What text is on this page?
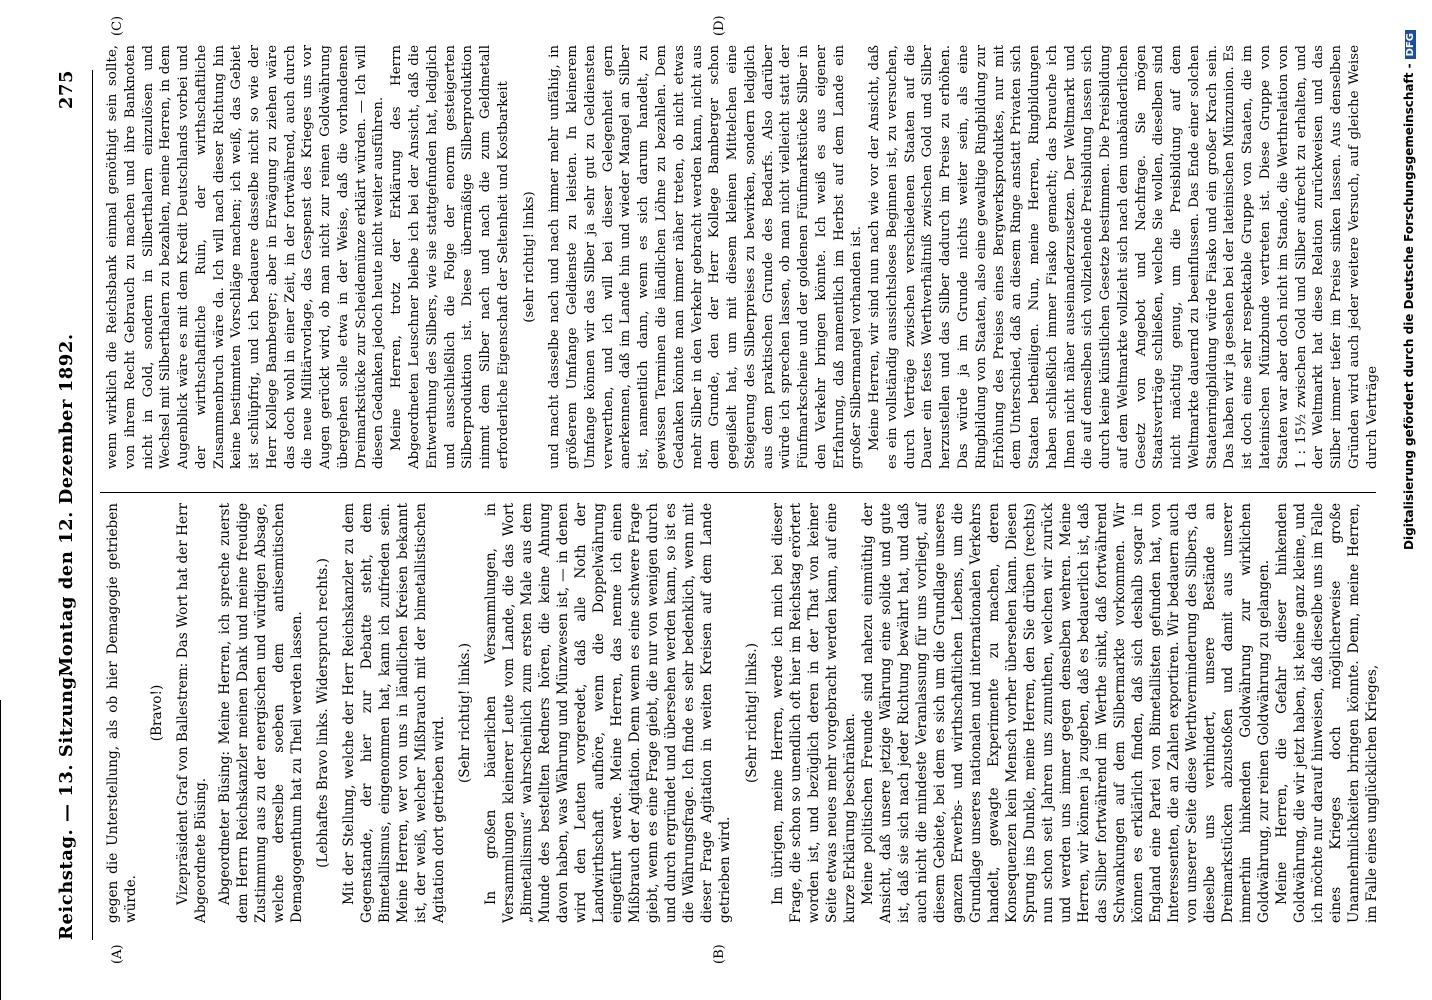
Reichstag. — 13. Sitzung.
Montag den 12. Dezember 1892.
275
(A)	(B)
(C)	(D)

gegen die Unterstellung, als ob hier Demagogie getrieben würde.

(Bravo!) Vizepräsident Graf von Ballestrem: Das Wort hat der Herr Abgeordnete Büsing. Abgeordneter Büsing: Meine Herren, ich spreche zuerst dem Herrn Reichskanzler meinen Dank und meine freudige Zustimmung aus zu der energischen und würdigen Absage, welche derselbe soeben dem antisemitischen Demagogenthum hat zu Theil werden lassen. (Lebhaftes Bravo links. Widerspruch rechts.) Mit der Stellung, welche der Herr Reichskanzler zu dem Gegenstande, der hier zur Debatte steht, dem Bimetallismus, eingenommen hat, kann ich zufrieden sein. Meine Herren, wer von uns in ländlichen Kreisen bekannt ist, der weiß, welcher Mißbrauch mit der bimetallistischen Agitation dort getrieben wird.

(Sehr richtig! links.) In großen bäuerlichen Versammlungen, in Versammlungen kleinerer Leute vom Lande, die das Wort „Bimetallismus“ wahrscheinlich zum ersten Male aus dem Munde des bestellten Redners hören, die keine Ahnung davon haben, was Währung und Münzwesen ist, — in denen wird den Leuten vorgeredet, daß alle Noth der Landwirthschaft aufhöre, wenn die Doppelwährung eingeführt werde. Meine Herren, das nenne ich einen Mißbrauch der Agitation. Denn wenn es eine schwere Frage giebt, wenn es eine Frage giebt, die nur von wenigen durch und durch ergründet und übersehen werden kann, so ist es die Währungsfrage. Ich finde es sehr bedenklich, wenn mit dieser Frage Agitation in weiten Kreisen auf dem Lande getrieben wird.

(Sehr richtig! links.) Im übrigen, meine Herren, werde ich mich bei dieser Frage, die schon so unendlich oft hier im Reichstag erörtert worden ist, und bezüglich deren in der That von keiner Seite etwas neues mehr vorgebracht werden kann, auf eine kurze Erklärung beschränken. Meine politischen Freunde sind nahezu einmüthig der Ansicht, daß unsere jetzige Währung eine solide und gute ist, daß sie sich nach jeder Richtung bewährt hat, und daß auch nicht die mindeste Veranlassung für uns vorliegt, auf diesem Gebiete, bei dem es sich um die Grundlage unseres ganzen Erwerbs- und wirthschaftlichen Lebens, um die Grundlage unseres nationalen und internationalen Verkehrs handelt, gewagte Experimente zu machen, deren Konsequenzen kein Mensch vorher übersehen kann. Diesen Sprung ins Dunkle, meine Herren, den Sie drüben (rechts) nun schon seit Jahren uns zumuthen, welchen wir zurück und werden uns immer gegen denselben wehren. Meine Herren, wir können ja zugeben, daß es bedauerlich ist, daß das Silber fortwährend im Werthe sinkt, daß fortwährend Schwankungen auf dem Silbermarkte vorkommen. Wir können es erklärlich finden, daß sich deshalb sogar in England eine Partei von Bimetallisten gefunden hat, von Interessenten, die an Zahlen exportiren. Wir bedauern auch von unserer Seite diese Werthverminderung des Silbers, da dieselbe uns verhindert, unsere Bestände an Dreimarkstücken abzustoßen und damit aus unserer immerhin hinkenden Goldwährung zur wirklichen Goldwährung, zur reinen Goldwährung zu gelangen. Meine Herren, die Gefahr dieser hinkenden Goldwährung, die wir jetzt haben, ist keine ganz kleine, und ich möchte nur darauf hinweisen, daß dieselbe uns im Falle eines Krieges doch möglicherweise große Unannehmlichkeiten bringen könnte. Denn, meine Herren, im Falle eines unglücklichen Krieges,

wenn wirklich die Reichsbank einmal genöthigt sein sollte, von ihrem Recht Gebrauch zu machen und ihre Banknoten nicht in Gold, sondern in Silberthalern einzulösen und Wechsel mit Silberthalern zu bezahlen, meine Herren, in dem Augenblick wäre es mit dem Kredit Deutschlands vorbei und der wirthschaftliche Ruin, der wirthschaftliche Zusammenbruch wäre da. Ich will nach dieser Richtung hin keine bestimmten Vorschläge machen; ich weiß, das Gebiet ist schlüpfrig, und ich bedauere dasselbe nicht so wie der Herr Kollege Bamberger; aber in Erwägung zu ziehen wäre das doch wohl in einer Zeit, in der fortwährend, auch durch die neue Militärvorlage, das Gespenst des Krieges uns vor Augen gerückt wird, ob man nicht zur reinen Goldwährung übergehen solle etwa in der Weise, daß die vorhandenen Dreimarkstücke zur Scheidemünze erklärt würden. — Ich will diesen Gedanken jedoch heute nicht weiter ausführen. Meine Herren, trotz der Erklärung des Herrn Abgeordneten Leuschner bleibe ich bei der Ansicht, daß die Entwerthung des Silbers, wie sie stattgefunden hat, lediglich und ausschließlich die Folge der enorm gesteigerten Silberproduktion ist. Diese übermäßige Silberproduktion nimmt dem Silber nach und nach die zum Geldmetall erforderliche Eigenschaft der Seltenheit und Kostbarkeit (sehr richtig! links) und macht dasselbe nach und nach immer mehr unfähig, in größerem Umfange Geldienste zu leisten. In kleinerem Umfange können wir das Silber ja sehr gut zu Geldiensten verwerthen, und ich will bei dieser Gelegenheit gern anerkennen, daß im Lande hin und wieder Mangel an Silber ist, namentlich dann, wenn es sich darum handelt, zu gewissen Terminen die ländlichen Löhne zu bezahlen. Dem Gedanken könnte man immer näher treten, ob nicht etwas mehr Silber in den Verkehr gebracht werden kann, nicht aus dem Grunde, den der Herr Kollege Bamberger schon gegeißelt hat, um mit diesem kleinen Mittelchen eine Steigerung des Silberpreises zu bewirken, sondern lediglich aus dem praktischen Grunde des Bedarfs. Also darüber würde ich sprechen lassen, ob man nicht vielleicht statt der Fünfmarkscheine und der goldenen Fünfmarkstücke Silber in den Verkehr bringen könnte. Ich weiß es aus eigener Erfahrung, daß namentlich im Herbst auf dem Lande ein großer Silbermangel vorhanden ist. Meine Herren, wir sind nun nach wie vor der Ansicht, daß es ein vollständig aussichtsloses Beginnen ist, zu versuchen, durch Verträge zwischen verschiedenen Staaten auf die Dauer ein festes Werthverhältniß zwischen Gold und Silber herzustellen und das Silber dadurch im Preise zu erhöhen. Das würde ja im Grunde nichts weiter sein, als eine Ringbildung von Staaten, also eine gewaltige Ringbildung zur Erhöhung des Preises eines Bergwerksproduktes, nur mit dem Unterschied, daß an diesem Ringe anstatt Privaten sich Staaten betheiligen. Nun, meine Herren, Ringbildungen haben schließlich immer Fiasko gemacht; das brauche ich Ihnen nicht näher auseinanderzusetzen. Der Weltmarkt und die auf demselben sich vollziehende Preisbildung lassen sich durch keine künstlichen Gesetze bestimmen. Die Preisbildung auf dem Weltmarkte vollzieht sich nach dem unabänderlichen Gesetz von Angebot und Nachfrage. Sie mögen Staatsverträge schließen, welche Sie wollen, dieselben sind nicht mächtig genug, um die Preisbildung auf dem Weltmarkte dauernd zu beeinflussen. Das Ende einer solchen Staatenringbildung würde Fiasko und ein großer Krach sein. Das haben wir ja gesehen bei der lateinischen Münzunion. Es ist doch eine sehr respektable Gruppe von Staaten, die im lateinischen Münzbunde vertreten ist. Diese Gruppe von Staaten war aber doch nicht im Stande, die Werthrelation von 1 : 15½ zwischen Gold und Silber aufrecht zu erhalten, und der Weltmarkt hat diese Relation zurückweisen und das Silber immer tiefer im Preise sinken lassen. Aus denselben Gründen wird auch jeder weitere Versuch, auf gleiche Weise durch Verträge Digitalisierung gefördert durch die Deutsche Forschungsgemeinschaft -DFG
